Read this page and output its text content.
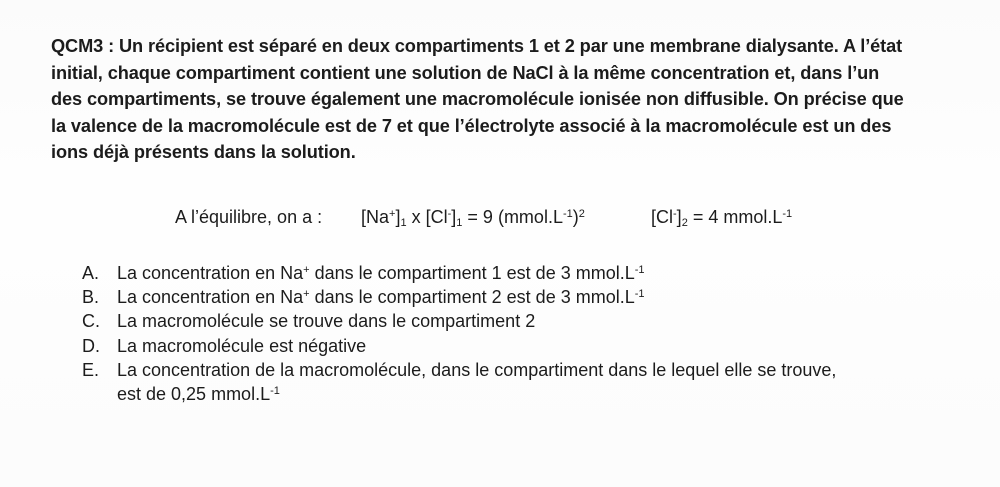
QCM3 : Un récipient est séparé en deux compartiments 1 et 2 par une membrane dialysante. A l’état
initial, chaque compartiment contient une solution de NaCl à la même concentration et, dans l’un
des compartiments, se trouve également une macromolécule ionisée non diffusible. On précise que
la valence de la macromolécule est de 7 et que l’électrolyte associé à la macromolécule est un des
ions déjà présents dans la solution.
A l’équilibre, on a : $[Na^+]_1$ x $[Cl^-]_1 = 9$ $(mmol.L^{-1})^2$	$[Cl^-]_2 = 4$ $mmol.L^{-1}$
A. La concentration en Na+ dans le compartiment 1 est de 3 $mmol.L^{-1}$
B. La concentration en Na+ dans le compartiment 2 est de 3 $mmol.L^{-1}$
C. La macromolécule se trouve dans le compartiment 2
D. La macromolécule est négative
E. La concentration de la macromolécule, dans le compartiment dans le lequel elle se trouve,
est de 0,25 $mmol.L^{-1}$
